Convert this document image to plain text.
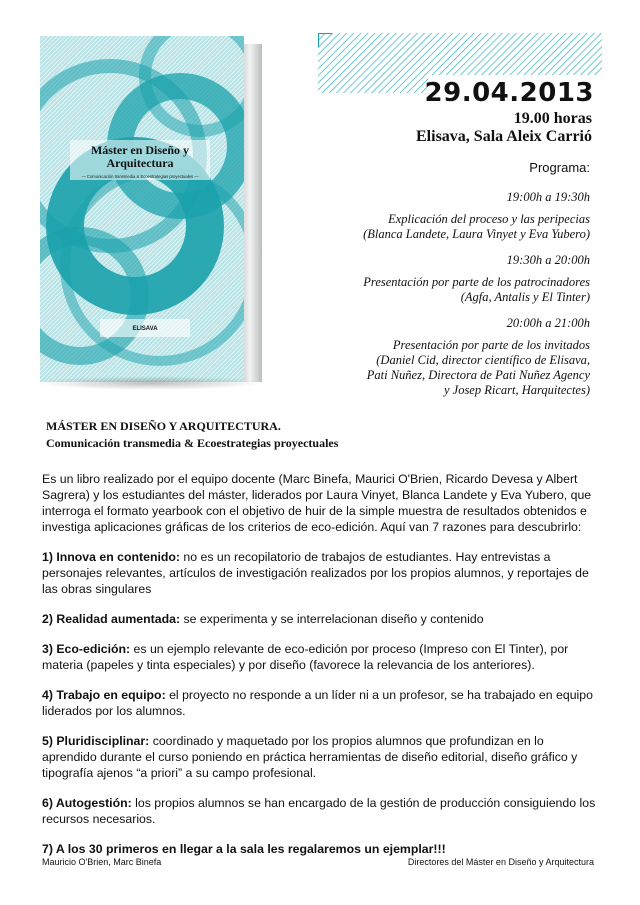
Máster en Diseño y
Arquitectura
— Comunicación transmedia & Ecoestrategias proyectuales —
ELISAVA
29.04.2013
19.00 horas
Elisava, Sala Aleix Carrió
Programa:
19:00h a 19:30h
Explicación del proceso y las peripecias
(Blanca Landete, Laura Vinyet y Eva Yubero)
19:30h a 20:00h
Presentación por parte de los patrocinadores
(Agfa, Antalis y El Tinter)
20:00h a 21:00h
Presentación por parte de los invitados
(Daniel Cid, director científico de Elisava,
Pati Nuñez, Directora de Pati Nuñez Agency
y Josep Ricart, Harquitectes)
MÁSTER EN DISEÑO Y ARQUITECTURA.
Comunicación transmedia & Ecoestrategias proyectuales

Es un libro realizado por el equipo docente (Marc Binefa, Maurici O'Brien, Ricardo Devesa y Albert Sagrera) y los estudiantes del máster, liderados por Laura Vinyet, Blanca Landete y Eva Yubero, que interroga el formato yearbook con el objetivo de huir de la simple muestra de resultados obtenidos e investiga aplicaciones gráficas de los criterios de eco-edición. Aquí van 7 razones para descubrirlo:

1) Innova en contenido: no es un recopilatorio de trabajos de estudiantes. Hay entrevistas a personajes relevantes, artículos de investigación realizados por los propios alumnos, y reportajes de las obras singulares

2) Realidad aumentada: se experimenta y se interrelacionan diseño y contenido

3) Eco-edición: es un ejemplo relevante de eco-edición por proceso (Impreso con El Tinter), por materia (papeles y tinta especiales) y por diseño (favorece la relevancia de los anteriores).

4) Trabajo en equipo: el proyecto no responde a un líder ni a un profesor, se ha trabajado en equipo liderados por los alumnos.

5) Pluridisciplinar: coordinado y maquetado por los propios alumnos que profundizan en lo aprendido durante el curso poniendo en práctica herramientas de diseño editorial, diseño gráfico y tipografía ajenos “a priori” a su campo profesional.

6) Autogestión: los propios alumnos se han encargado de la gestión de producción consiguiendo los recursos necesarios.

7) A los 30 primeros en llegar a la sala les regalaremos un ejemplar!!!

Mauricio O'Brien, Marc Binefa	Directores del Máster en Diseño y Arquitectura
